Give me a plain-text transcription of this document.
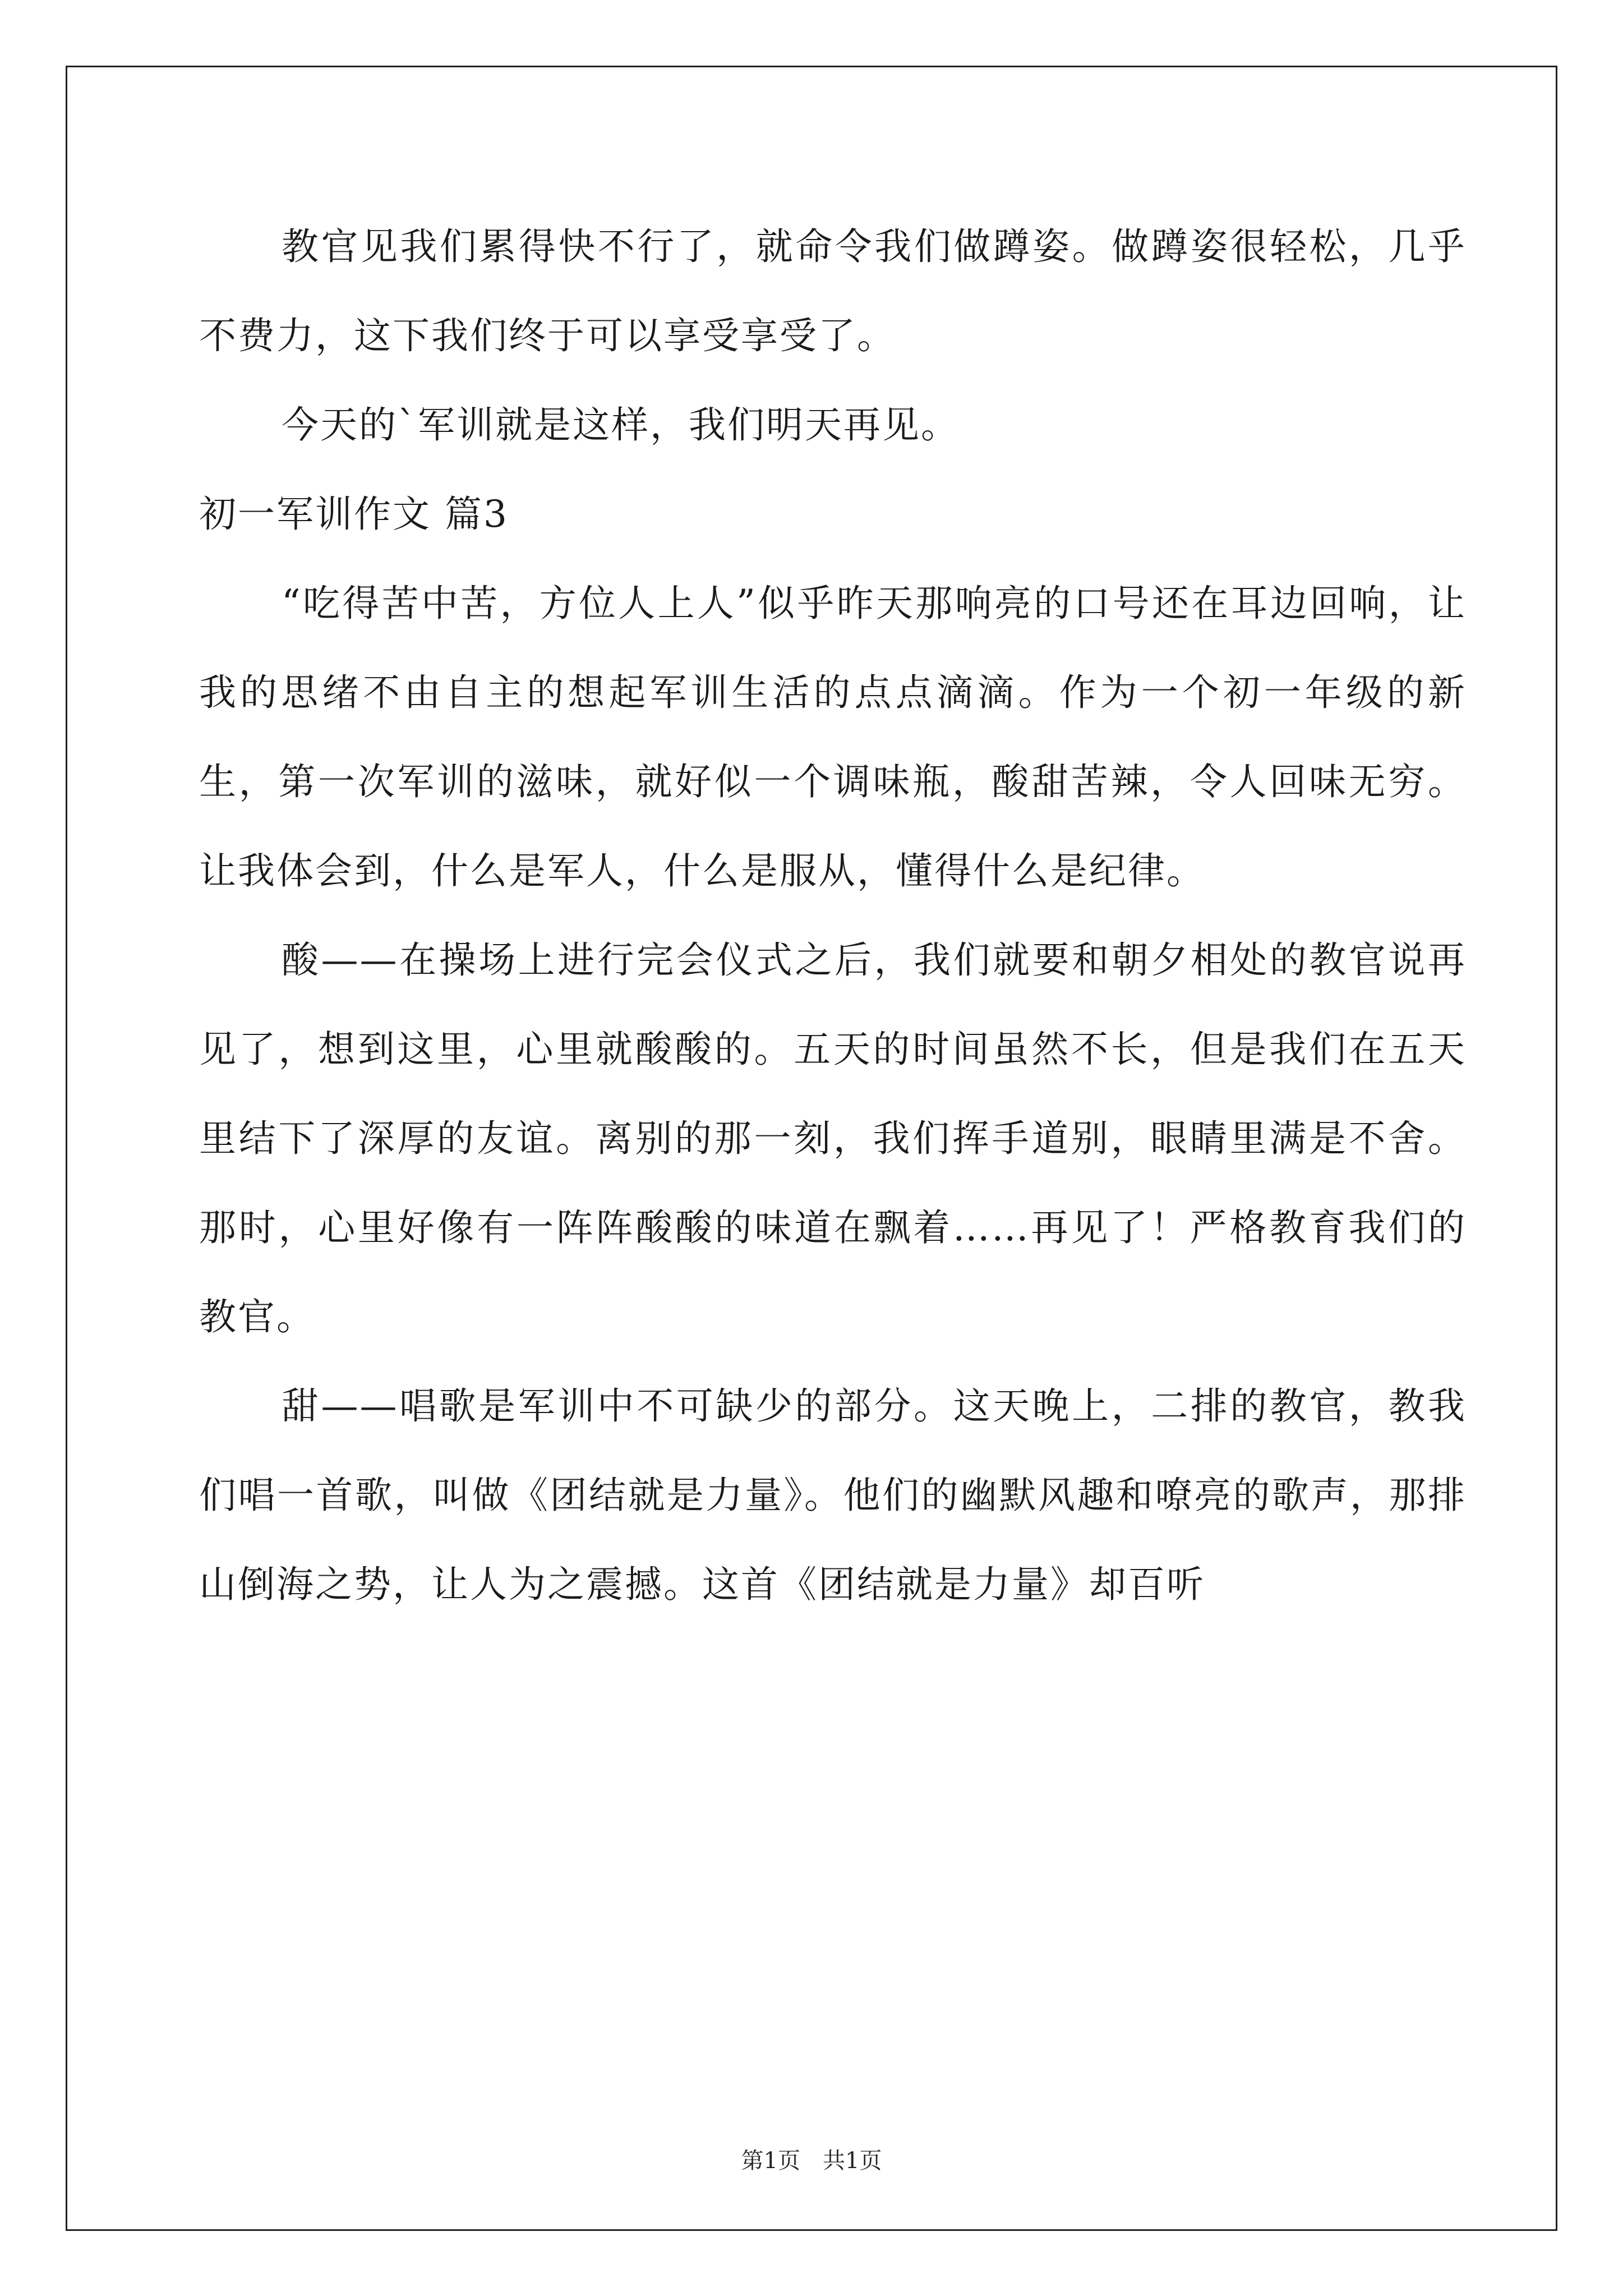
教官见我们累得快不行了，就命令我们做蹲姿。做蹲姿很轻松，几乎不费力，这下我们终于可以享受享受了。

今天的`军训就是这样，我们明天再见。

初一军训作文 篇3

“吃得苦中苦，方位人上人”似乎昨天那响亮的口号还在耳边回响，让我的思绪不由自主的想起军训生活的点点滴滴。作为一个初一年级的新生，第一次军训的滋味，就好似一个调味瓶，酸甜苦辣，令人回味无穷。让我体会到，什么是军人，什么是服从，懂得什么是纪律。

酸——在操场上进行完会仪式之后，我们就要和朝夕相处的教官说再见了，想到这里，心里就酸酸的。五天的时间虽然不长，但是我们在五天里结下了深厚的友谊。离别的那一刻，我们挥手道别，眼睛里满是不舍。那时，心里好像有一阵阵酸酸的味道在飘着……再见了！严格教育我们的教官。

甜——唱歌是军训中不可缺少的部分。这天晚上，二排的教官，教我们唱一首歌，叫做《团结就是力量》。他们的幽默风趣和嘹亮的歌声，那排山倒海之势，让人为之震撼。这首《团结就是力量》却百听

第1页　共1页
